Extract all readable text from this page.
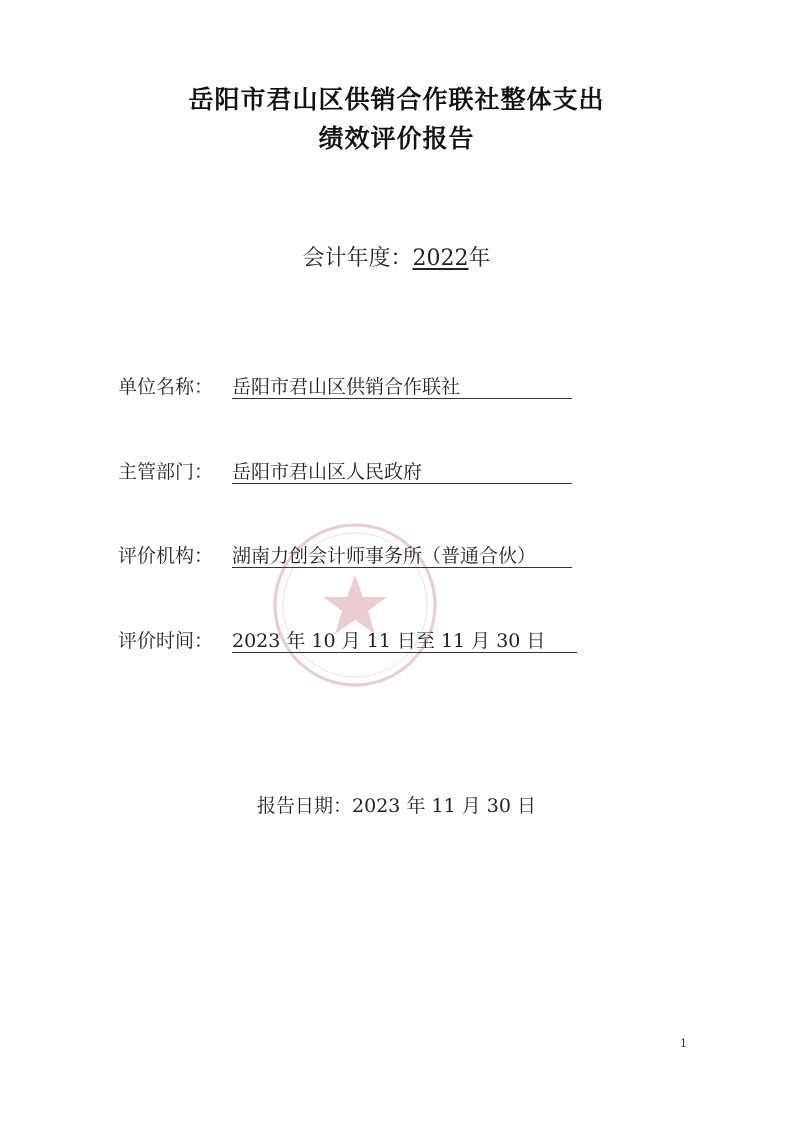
岳阳市君山区供销合作联社整体支出
绩效评价报告
会计年度：2022年
单位名称： 岳阳市君山区供销合作联社
主管部门： 岳阳市君山区人民政府
评价机构： 湖南力创会计师事务所（普通合伙）
评价时间： 2023 年 10 月 11 日至 11 月 30 日
报告日期：2023 年 11 月 30 日
1
